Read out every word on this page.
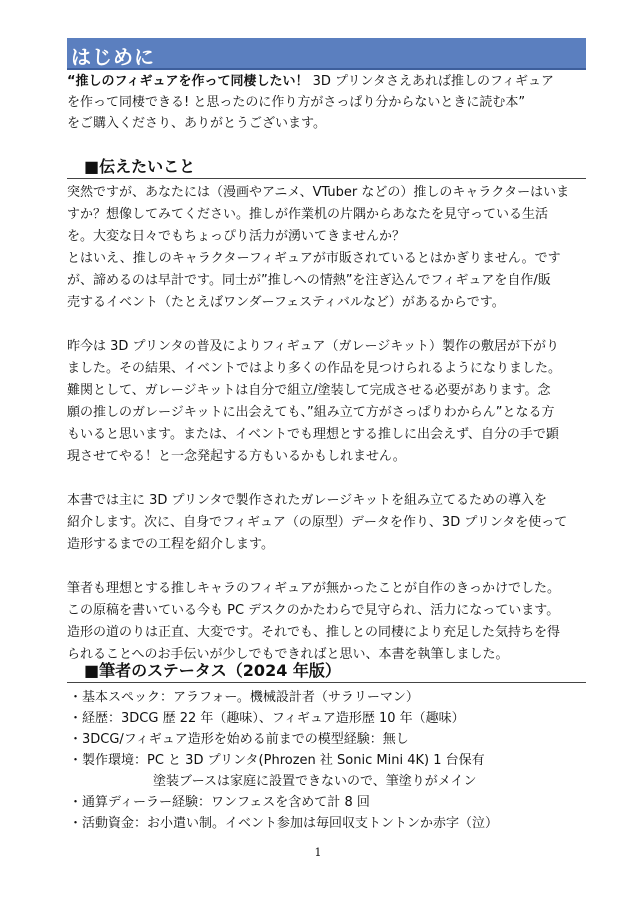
はじめに

“推しのフィギュアを作って同棲したい！ 3D プリンタさえあれば推しのフィギュア

を作って同棲できる! と思ったのに作り方がさっぱり分からないときに読む本”

をご購入くださり、ありがとうございます。

■伝えたいこと

突然ですが、あなたには（漫画やアニメ、VTuber などの）推しのキャラクターはいま

すか？想像してみてください。推しが作業机の片隅からあなたを見守っている生活

を。大変な日々でもちょっぴり活力が湧いてきませんか？

とはいえ、推しのキャラクターフィギュアが市販されているとはかぎりません。です

が、諦めるのは早計です。同士が”推しへの情熱”を注ぎ込んでフィギュアを自作/販

売するイベント（たとえばワンダーフェスティバルなど）があるからです。

昨今は 3D プリンタの普及によりフィギュア（ガレージキット）製作の敷居が下がり

ました。その結果、イベントではより多くの作品を見つけられるようになりました。

難関として、ガレージキットは自分で組立/塗装して完成させる必要があります。念

願の推しのガレージキットに出会えても、”組み立て方がさっぱりわからん”となる方

もいると思います。または、イベントでも理想とする推しに出会えず、自分の手で顕

現させてやる！と一念発起する方もいるかもしれません。

本書では主に 3D プリンタで製作されたガレージキットを組み立てるための導入を

紹介します。次に、自身でフィギュア（の原型）データを作り、3D プリンタを使って

造形するまでの工程を紹介します。

筆者も理想とする推しキャラのフィギュアが無かったことが自作のきっかけでした。

この原稿を書いている今も PC デスクのかたわらで見守られ、活力になっています。

造形の道のりは正直、大変です。それでも、推しとの同棲により充足した気持ちを得

られることへのお手伝いが少しでもできればと思い、本書を執筆しました。

■筆者のステータス（2024 年版）

・基本スペック：アラフォー。機械設計者（サラリーマン）

・経歴：3DCG 歴 22 年（趣味）、フィギュア造形歴 10 年（趣味）

・3DCG/フィギュア造形を始める前までの模型経験：無し

・製作環境：PC と 3D プリンタ(Phrozen 社 Sonic Mini 4K) 1 台保有

塗装ブースは家庭に設置できないので、筆塗りがメイン

・通算ディーラー経験：ワンフェスを含めて計 8 回

・活動資金：お小遣い制。イベント参加は毎回収支トントンか赤字（泣）

1
